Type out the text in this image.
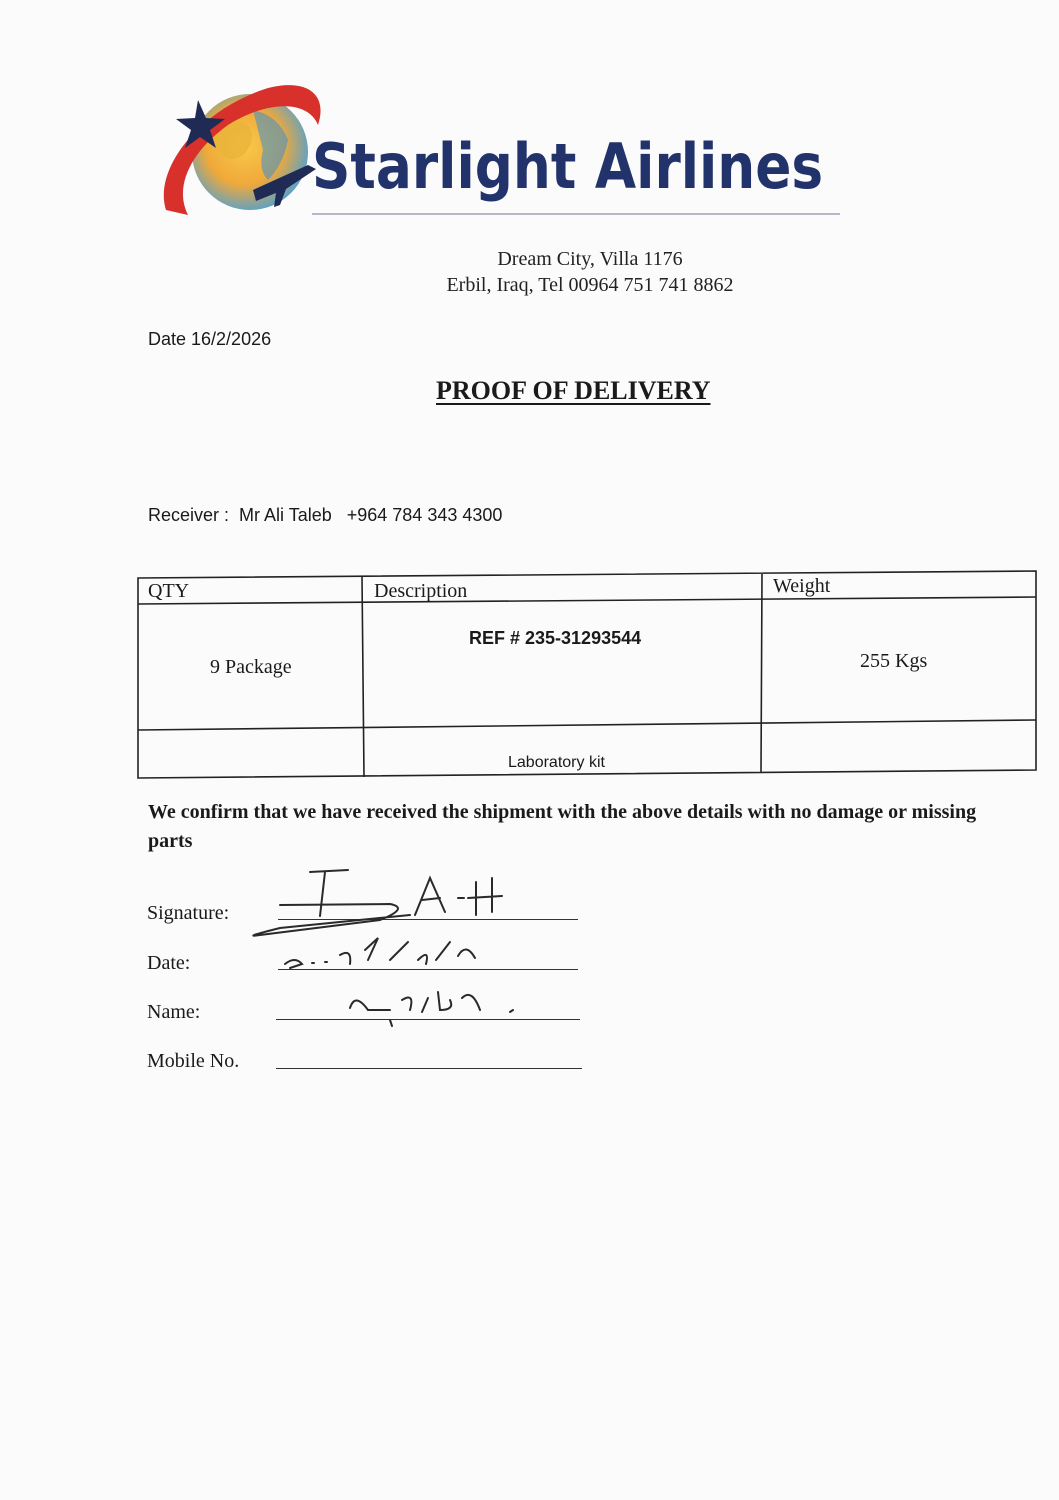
Starlight Airlines
Dream City, Villa 1176
Erbil, Iraq, Tel 00964 751 741 8862
Date 16/2/2026
PROOF OF DELIVERY
Receiver :  Mr Ali Taleb   +964 784 343 4300
QTY	Description	Weight
9 Package
REF # 235-31293544
255 Kgs
Laboratory kit
We confirm that we have received the shipment with the above details with no damage or missing parts
Signature:
Date:
Name:
Mobile No.
